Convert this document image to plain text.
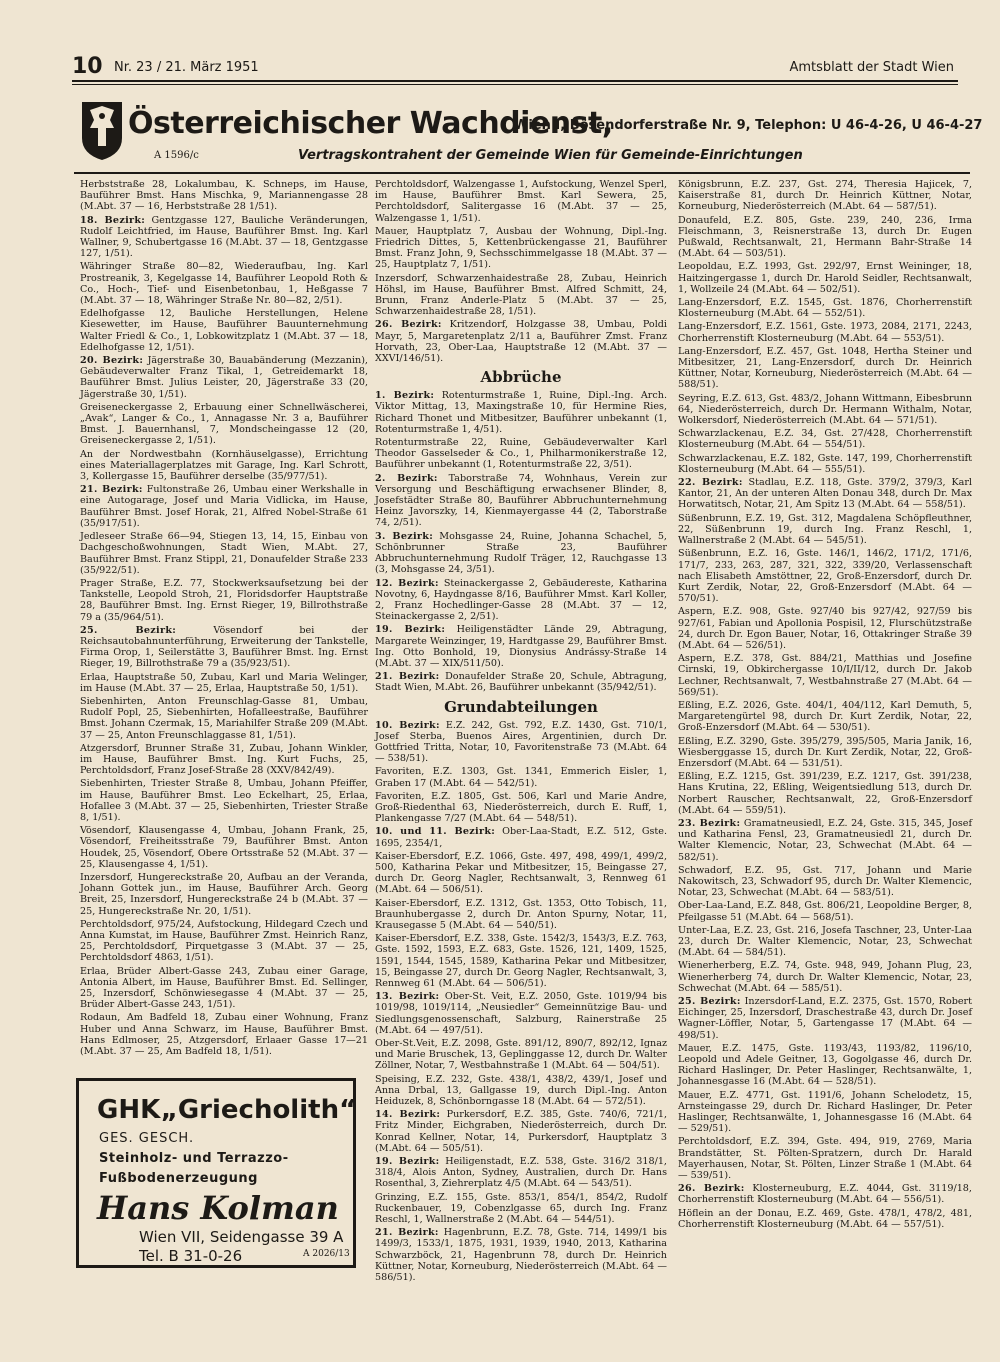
10 Nr. 23 / 21. März 1951	Amtsblatt der Stadt Wien
Österreichischer Wachdienst,
Wien I, Bösendorferstraße Nr. 9, Telephon: U 46-4-26, U 46-4-27
A 1596/c	Vertragskontrahent der Gemeinde Wien für Gemeinde-Einrichtungen
Herbststraße 28, Lokalumbau, K. Schneps, im Hause, Bauführer Bmst. Hans Mischka, 9, Mariannengasse 28 (M.Abt. 37 — 16, Herbststraße 28 1/51).
18. Bezirk: Gentzgasse 127, Bauliche Veränderungen, Rudolf Leichtfried, im Hause, Bauführer Bmst. Ing. Karl Wallner, 9, Schubertgasse 16 (M.Abt. 37 — 18, Gentzgasse 127, 1/51).
Währinger Straße 80—82, Wiederaufbau, Ing. Karl Prostreanik, 3, Kegelgasse 14, Bauführer Leopold Roth & Co., Hoch-, Tief- und Eisenbetonbau, 1, Heßgasse 7 (M.Abt. 37 — 18, Währinger Straße Nr. 80—82, 2/51).
Edelhofgasse 12, Bauliche Herstellungen, Helene Kiesewetter, im Hause, Bauführer Bauunternehmung Walter Friedl & Co., 1, Lobkowitzplatz 1 (M.Abt. 37 — 18, Edelhofgasse 12, 1/51).
20. Bezirk: Jägerstraße 30, Bauabänderung (Mezzanin), Gebäudeverwalter Franz Tikal, 1, Getreidemarkt 18, Bauführer Bmst. Julius Leister, 20, Jägerstraße 33 (20, Jägerstraße 30, 1/51).
Greiseneckergasse 2, Erbauung einer Schnellwäscherei, „Avak“, Langer & Co., 1, Annagasse Nr. 3 a, Bauführer Bmst. J. Bauernhansl, 7, Mondscheingasse 12 (20, Greiseneckergasse 2, 1/51).
An der Nordwestbahn (Kornhäuselgasse), Errichtung eines Materiallagerplatzes mit Garage, Ing. Karl Schrott, 3, Kollergasse 15, Bauführer derselbe (35/977/51).
21. Bezirk: Fultonstraße 26, Umbau einer Werkshalle in eine Autogarage, Josef und Maria Vidlicka, im Hause, Bauführer Bmst. Josef Horak, 21, Alfred Nobel-Straße 61 (35/917/51).
Jedleseer Straße 66—94, Stiegen 13, 14, 15, Einbau von Dachgeschoßwohnungen, Stadt Wien, M.Abt. 27, Bauführer Bmst. Franz Stippl, 21, Donaufelder Straße 233 (35/922/51).
Prager Straße, E.Z. 77, Stockwerksaufsetzung bei der Tankstelle, Leopold Stroh, 21, Floridsdorfer Hauptstraße 28, Bauführer Bmst. Ing. Ernst Rieger, 19, Billrothstraße 79 a (35/964/51).
25. Bezirk:	Vösendorf bei der Reichsautobahnunterführung, Erweiterung der Tankstelle, Firma Orop, 1, Seilerstätte 3, Bauführer Bmst. Ing. Ernst Rieger, 19, Billrothstraße 79 a (35/923/51).
Erlaa, Hauptstraße 50, Zubau, Karl und Maria Welinger, im Hause (M.Abt. 37 — 25, Erlaa, Hauptstraße 50, 1/51).
Siebenhirten, Anton Freunschlag-Gasse 81, Umbau, Rudolf Popl, 25, Siebenhirten, Hofalleestraße, Bauführer Bmst. Johann Czermak, 15, Mariahilfer Straße 209 (M.Abt. 37 — 25, Anton Freunschlaggasse 81, 1/51).
Atzgersdorf, Brunner Straße 31, Zubau, Johann Winkler, im Hause, Bauführer Bmst. Ing. Kurt Fuchs, 25, Perchtoldsdorf, Franz Josef-Straße 28 (XXV/842/49).
Siebenhirten, Triester Straße 8, Umbau, Johann Pfeiffer, im Hause, Bauführer Bmst. Leo Eckelhart, 25, Erlaa, Hofallee 3 (M.Abt. 37 — 25, Siebenhirten, Triester Straße 8, 1/51).
Vösendorf, Klausengasse 4, Umbau, Johann Frank, 25, Vösendorf, Freiheitsstraße 79, Bauführer Bmst. Anton Houdek, 25, Vösendorf, Obere Ortsstraße 52 (M.Abt. 37 — 25, Klausengasse 4, 1/51).
Inzersdorf, Hungereckstraße 20, Aufbau an der Veranda, Johann Gottek jun., im Hause, Bauführer Arch. Georg Breit, 25, Inzersdorf, Hungereckstraße 24 b (M.Abt. 37 — 25, Hungereckstraße Nr. 20, 1/51).
Perchtoldsdorf, 975/24, Aufstockung, Hildegard Czech und Anna Kumstat, im Hause, Bauführer Zmst. Heinrich Ranz, 25, Perchtoldsdorf, Pirquetgasse 3 (M.Abt. 37 — 25, Perchtoldsdorf 4863, 1/51).
Erlaa, Brüder Albert-Gasse 243, Zubau einer Garage, Antonia Albert, im Hause, Bauführer Bmst. Ed. Sellinger, 25, Inzersdorf, Schönwiesegasse 4 (M.Abt. 37 — 25, Brüder Albert-Gasse 243, 1/51).
Rodaun, Am Badfeld 18, Zubau einer Wohnung, Franz Huber und Anna Schwarz, im Hause, Bauführer Bmst. Hans Edlmoser, 25, Atzgersdorf, Erlaaer Gasse 17—21 (M.Abt. 37 — 25, Am Badfeld 18, 1/51).
Perchtoldsdorf, Walzengasse 1, Aufstockung, Wenzel Sperl, im Hause, Bauführer Bmst. Karl Sewera, 25, Perchtoldsdorf, Salitergasse 16 (M.Abt. 37 — 25, Walzengasse 1, 1/51).
Mauer, Hauptplatz 7, Ausbau der Wohnung, Dipl.-Ing. Friedrich Dittes, 5, Kettenbrückengasse 21, Bauführer Bmst. Franz John, 9, Sechsschimmelgasse 18 (M.Abt. 37 — 25, Hauptplatz 7, 1/51).
Inzersdorf, Schwarzenhaidestraße 28, Zubau, Heinrich Höhsl, im Hause, Bauführer Bmst. Alfred Schmitt, 24, Brunn, Franz Anderle-Platz 5 (M.Abt. 37 — 25, Schwarzenhaidestraße 28, 1/51).
26. Bezirk: Kritzendorf, Holzgasse 38, Umbau, Poldi Mayr, 5, Margaretenplatz 2/11 a, Bauführer Zmst. Franz Horvath, 23, Ober-Laa, Hauptstraße 12 (M.Abt. 37 — XXVI/146/51).
Abbrüche
1. Bezirk: Rotenturmstraße 1, Ruine, Dipl.-Ing. Arch. Viktor Mittag, 13, Maxingstraße 10, für Hermine Ries, Richard Thonet und Mitbesitzer, Bauführer unbekannt (1, Rotenturmstraße 1, 4/51).
Rotenturmstraße 22, Ruine, Gebäudeverwalter Karl Theodor Gasselseder & Co., 1, Philharmonikerstraße 12, Bauführer unbekannt (1, Rotenturmstraße 22, 3/51).
2. Bezirk: Taborstraße 74, Wohnhaus, Verein zur Versorgung und Beschäftigung erwachsener Blinder, 8, Josefstädter Straße 80, Bauführer Abbruchunternehmung Heinz Javorszky, 14, Kienmayergasse 44 (2, Taborstraße 74, 2/51).
3. Bezirk: Mohsgasse 24, Ruine, Johanna Schachel, 5, Schönbrunner Straße 23, Bauführer Abbruchunternehmung Rudolf Träger, 12, Rauchgasse 13 (3, Mohsgasse 24, 3/51).
12. Bezirk: Steinackergasse 2, Gebäudereste, Katharina Novotny, 6, Haydngasse 8/16, Bauführer Mmst. Karl Koller, 2, Franz Hochedlinger-Gasse 28 (M.Abt. 37 — 12, Steinackergasse 2, 2/51).
19. Bezirk: Heiligenstädter Lände 29, Abtragung, Margarete Weinzinger, 19, Hardtgasse 29, Bauführer Bmst. Ing. Otto Bonhold, 19, Dionysius Andrássy-Straße 14 (M.Abt. 37 — XIX/511/50).
21. Bezirk: Donaufelder Straße 20, Schule, Abtragung, Stadt Wien, M.Abt. 26, Bauführer unbekannt (35/942/51).
Grundabteilungen
10. Bezirk: E.Z. 242, Gst. 792, E.Z. 1430, Gst. 710/1, Josef Sterba, Buenos Aires, Argentinien, durch Dr. Gottfried Tritta, Notar, 10, Favoritenstraße 73 (M.Abt. 64 — 538/51).
Favoriten, E.Z. 1303, Gst. 1341, Emmerich Eisler, 1, Graben 17 (M.Abt. 64 — 542/51).
Favoriten, E.Z. 1805, Gst. 506, Karl und Marie Andre, Groß-Riedenthal 63, Niederösterreich, durch E. Ruff, 1, Plankengasse 7/27 (M.Abt. 64 — 548/51).
10. und 11. Bezirk: Ober-Laa-Stadt, E.Z. 512, Gste. 1695, 2354/1,
Kaiser-Ebersdorf, E.Z. 1066, Gste. 497, 498, 499/1, 499/2, 500, Katharina Pekar und Mitbesitzer, 15, Beingasse 27, durch Dr. Georg Nagler, Rechtsanwalt, 3, Rennweg 61 (M.Abt. 64 — 506/51).
Kaiser-Ebersdorf, E.Z. 1312, Gst. 1353, Otto Tobisch, 11, Braunhubergasse 2, durch Dr. Anton Spurny, Notar, 11, Krausegasse 5 (M.Abt. 64 — 540/51).
Kaiser-Ebersdorf, E.Z. 338, Gste. 1542/3, 1543/3, E.Z. 763, Gste. 1592, 1593, E.Z. 683, Gste. 1526, 121, 1409, 1525, 1591, 1544, 1545, 1589, Katharina Pekar und Mitbesitzer, 15, Beingasse 27, durch Dr. Georg Nagler, Rechtsanwalt, 3, Rennweg 61 (M.Abt. 64 — 506/51).
13. Bezirk: Ober-St. Veit, E.Z. 2050, Gste. 1019/94 bis 1019/98, 1019/114, „Neusiedler“ Gemeinnützige Bau- und Siedlungsgenossenschaft, Salzburg, Rainerstraße 25 (M.Abt. 64 — 497/51).
Ober-St.Veit, E.Z. 2098, Gste. 891/12, 890/7, 892/12, Ignaz und Marie Bruschek, 13, Geplinggasse 12, durch Dr. Walter Zöllner, Notar, 7, Westbahnstraße 1 (M.Abt. 64 — 504/51).
Speising, E.Z. 232, Gste. 438/1, 438/2, 439/1, Josef und Anna Drbal, 13, Gallgasse 19, durch Dipl.-Ing. Anton Heiduzek, 8, Schönborngasse 18 (M.Abt. 64 — 572/51).
14. Bezirk: Purkersdorf, E.Z. 385, Gste. 740/6, 721/1, Fritz Minder, Eichgraben, Niederösterreich, durch Dr. Konrad Kellner, Notar, 14, Purkersdorf, Hauptplatz 3 (M.Abt. 64 — 505/51).
19. Bezirk: Heiligenstadt, E.Z. 538, Gste. 316/2 318/1, 318/4, Alois Anton, Sydney, Australien, durch Dr. Hans Rosenthal, 3, Ziehrerplatz 4/5 (M.Abt. 64 — 543/51).
Grinzing, E.Z. 155, Gste. 853/1, 854/1, 854/2, Rudolf Ruckenbauer, 19, Cobenzlgasse 65, durch Ing. Franz Reschl, 1, Wallnerstraße 2 (M.Abt. 64 — 544/51).
21. Bezirk: Hagenbrunn, E.Z. 78, Gste. 714, 1499/1 bis 1499/3, 1533/1, 1875, 1931, 1939, 1940, 2013, Katharina Schwarzböck, 21, Hagenbrunn 78, durch Dr. Heinrich Küttner, Notar, Korneuburg, Niederösterreich (M.Abt. 64 — 586/51).
Königsbrunn, E.Z. 237, Gst. 274, Theresia Hajicek, 7, Kaiserstraße 81, durch Dr. Heinrich Küttner, Notar, Korneuburg, Niederösterreich (M.Abt. 64 — 587/51).
Donaufeld, E.Z. 805, Gste. 239, 240, 236, Irma Fleischmann, 3, Reisnerstraße 13, durch Dr. Eugen Pußwald, Rechtsanwalt, 21, Hermann Bahr-Straße 14 (M.Abt. 64 — 503/51).
Leopoldau, E.Z. 1993, Gst. 292/97, Ernst Weininger, 18, Haitzingergasse 1, durch Dr. Harold Seidler, Rechtsanwalt, 1, Wollzeile 24 (M.Abt. 64 — 502/51).
Lang-Enzersdorf, E.Z. 1545, Gst. 1876, Chorherrenstift Klosterneuburg (M.Abt. 64 — 552/51).
Lang-Enzersdorf, E.Z. 1561, Gste. 1973, 2084, 2171, 2243, Chorherrenstift Klosterneuburg (M.Abt. 64 — 553/51).
Lang-Enzersdorf, E.Z. 457, Gst. 1048, Hertha Steiner und Mitbesitzer, 21, Lang-Enzersdorf, durch Dr. Heinrich Küttner, Notar, Korneuburg, Niederösterreich (M.Abt. 64 — 588/51).
Seyring, E.Z. 613, Gst. 483/2, Johann Wittmann, Eibesbrunn 64, Niederösterreich, durch Dr. Hermann Withalm, Notar, Wolkersdorf, Niederösterreich (M.Abt. 64 — 571/51).
Schwarzlackenau, E.Z. 34, Gst. 27/428, Chorherrenstift Klosterneuburg (M.Abt. 64 — 554/51).
Schwarzlackenau, E.Z. 182, Gste. 147, 199, Chorherrenstift Klosterneuburg (M.Abt. 64 — 555/51).
22. Bezirk: Stadlau, E.Z. 118, Gste. 379/2, 379/3, Karl Kantor, 21, An der unteren Alten Donau 348, durch Dr. Max Horwatitsch, Notar, 21, Am Spitz 13 (M.Abt. 64 — 558/51).
Süßenbrunn, E.Z. 19, Gst. 312, Magdalena Schöpfleuthner, 22, Süßenbrunn 19, durch Ing. Franz Reschl, 1, Wallnerstraße 2 (M.Abt. 64 — 545/51).
Süßenbrunn, E.Z. 16, Gste. 146/1, 146/2, 171/2, 171/6, 171/7, 233, 263, 287, 321, 322, 339/20, Verlassenschaft nach Elisabeth Amstöttner, 22, Groß-Enzersdorf, durch Dr. Kurt Zerdik, Notar, 22, Groß-Enzersdorf (M.Abt. 64 — 570/51).
Aspern, E.Z. 908, Gste. 927/40 bis 927/42, 927/59 bis 927/61, Fabian und Apollonia Pospisil, 12, Flurschützstraße 24, durch Dr. Egon Bauer, Notar, 16, Ottakringer Straße 39 (M.Abt. 64 — 526/51).
Aspern, E.Z. 378, Gst. 884/21, Matthias und Josefine Cirnski, 19, Obkirchergasse 10/I/II/12, durch Dr. Jakob Lechner, Rechtsanwalt, 7, Westbahnstraße 27 (M.Abt. 64 — 569/51).
Eßling, E.Z. 2026, Gste. 404/1, 404/112, Karl Demuth, 5, Margaretengürtel 98, durch Dr. Kurt Zerdik, Notar, 22, Groß-Enzersdorf (M.Abt. 64 — 530/51).
Eßling, E.Z. 3290, Gste. 395/279, 395/505, Maria Janik, 16, Wiesberggasse 15, durch Dr. Kurt Zerdik, Notar, 22, Groß-Enzersdorf (M.Abt. 64 — 531/51).
Eßling, E.Z. 1215, Gst. 391/239, E.Z. 1217, Gst. 391/238, Hans Krutina, 22, Eßling, Weigentsiedlung 513, durch Dr. Norbert Rauscher, Rechtsanwalt, 22, Groß-Enzersdorf (M.Abt. 64 — 559/51).
23. Bezirk: Gramatneusiedl, E.Z. 24, Gste. 315, 345, Josef und Katharina Fensl, 23, Gramatneusiedl 21, durch Dr. Walter Klemencic, Notar, 23, Schwechat (M.Abt. 64 — 582/51).
Schwadorf, E.Z. 95, Gst. 717, Johann und Marie Nakowitsch, 23, Schwadorf 95, durch Dr. Walter Klemencic, Notar, 23, Schwechat (M.Abt. 64 — 583/51).
Ober-Laa-Land, E.Z. 848, Gst. 806/21, Leopoldine Berger, 8, Pfeilgasse 51 (M.Abt. 64 — 568/51).
Unter-Laa, E.Z. 23, Gst. 216, Josefa Taschner, 23, Unter-Laa 23, durch Dr. Walter Klemencic, Notar, 23, Schwechat (M.Abt. 64 — 584/51).
Wienerherberg, E.Z. 74, Gste. 948, 949, Johann Plug, 23, Wienerherberg 74, durch Dr. Walter Klemencic, Notar, 23, Schwechat (M.Abt. 64 — 585/51).
25. Bezirk: Inzersdorf-Land, E.Z. 2375, Gst. 1570, Robert Eichinger, 25, Inzersdorf, Draschestraße 43, durch Dr. Josef Wagner-Löffler, Notar, 5, Gartengasse 17 (M.Abt. 64 — 498/51).
Mauer, E.Z. 1475, Gste. 1193/43, 1193/82, 1196/10, Leopold und Adele Geitner, 13, Gogolgasse 46, durch Dr. Richard Haslinger, Dr. Peter Haslinger, Rechtsanwälte, 1, Johannesgasse 16 (M.Abt. 64 — 528/51).
Mauer, E.Z. 4771, Gst. 1191/6, Johann Schelodetz, 15, Arnsteingasse 29, durch Dr. Richard Haslinger, Dr. Peter Haslinger, Rechtsanwälte, 1, Johannesgasse 16 (M.Abt. 64 — 529/51).
Perchtoldsdorf, E.Z. 394, Gste. 494, 919, 2769, Maria Brandstätter, St. Pölten-Spratzern, durch Dr. Harald Mayerhausen, Notar, St. Pölten, Linzer Straße 1 (M.Abt. 64 — 539/51).
26. Bezirk: Klosterneuburg, E.Z. 4044, Gst. 3119/18, Chorherrenstift Klosterneuburg (M.Abt. 64 — 556/51).
Höflein an der Donau, E.Z. 469, Gste. 478/1, 478/2, 481, Chorherrenstift Klosterneuburg (M.Abt. 64 — 557/51).
GHK„Griecholith“
GES. GESCH.
Steinholz- und Terrazzo-
Fußbodenerzeugung
Hans Kolman
Wien VII, Seidengasse 39 A
Tel. B 31-0-26	A 2026/13
